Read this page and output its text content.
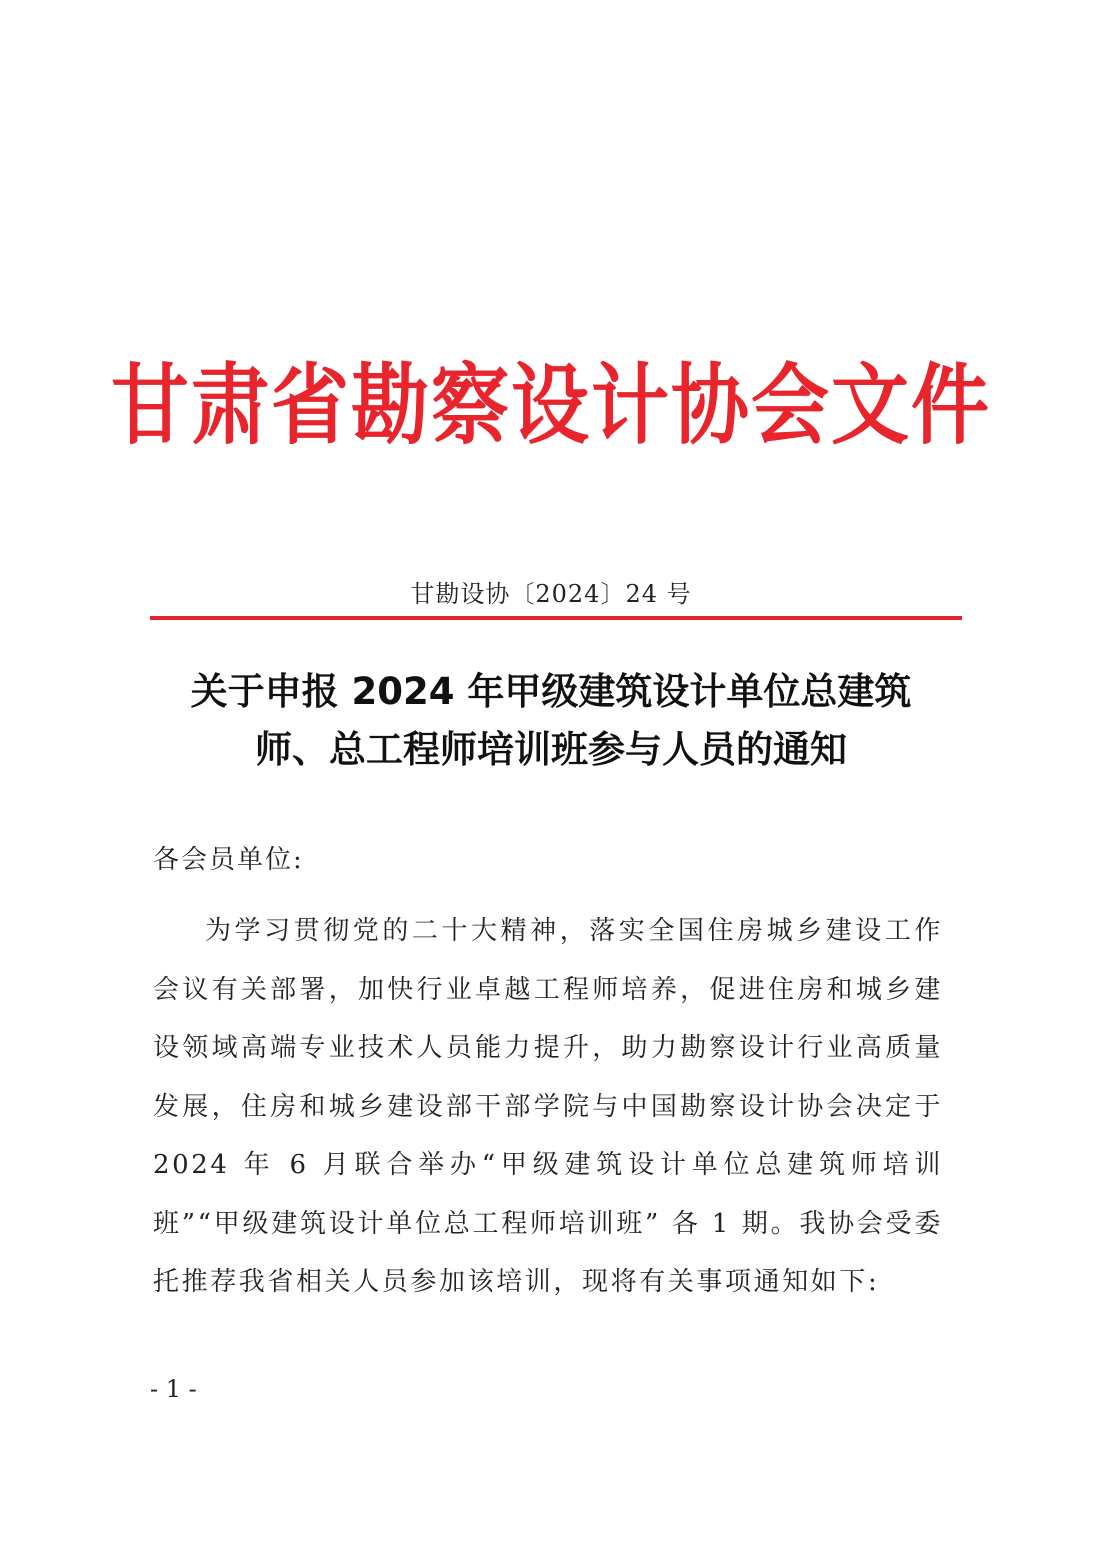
甘肃省勘察设计协会文件
甘勘设协〔2024〕24 号
关于申报 2024 年甲级建筑设计单位总建筑
师、总工程师培训班参与人员的通知
各会员单位:

为学习贯彻党的二十大精神，落实全国住房城乡建设工作会议有关部署，加快行业卓越工程师培养，促进住房和城乡建设领域高端专业技术人员能力提升，助力勘察设计行业高质量发展，住房和城乡建设部干部学院与中国勘察设计协会决定于 2024 年 6 月联合举办“甲级建筑设计单位总建筑师培训班”“甲级建筑设计单位总工程师培训班” 各 1 期。我协会受委托推荐我省相关人员参加该培训，现将有关事项通知如下:

- 1 -
